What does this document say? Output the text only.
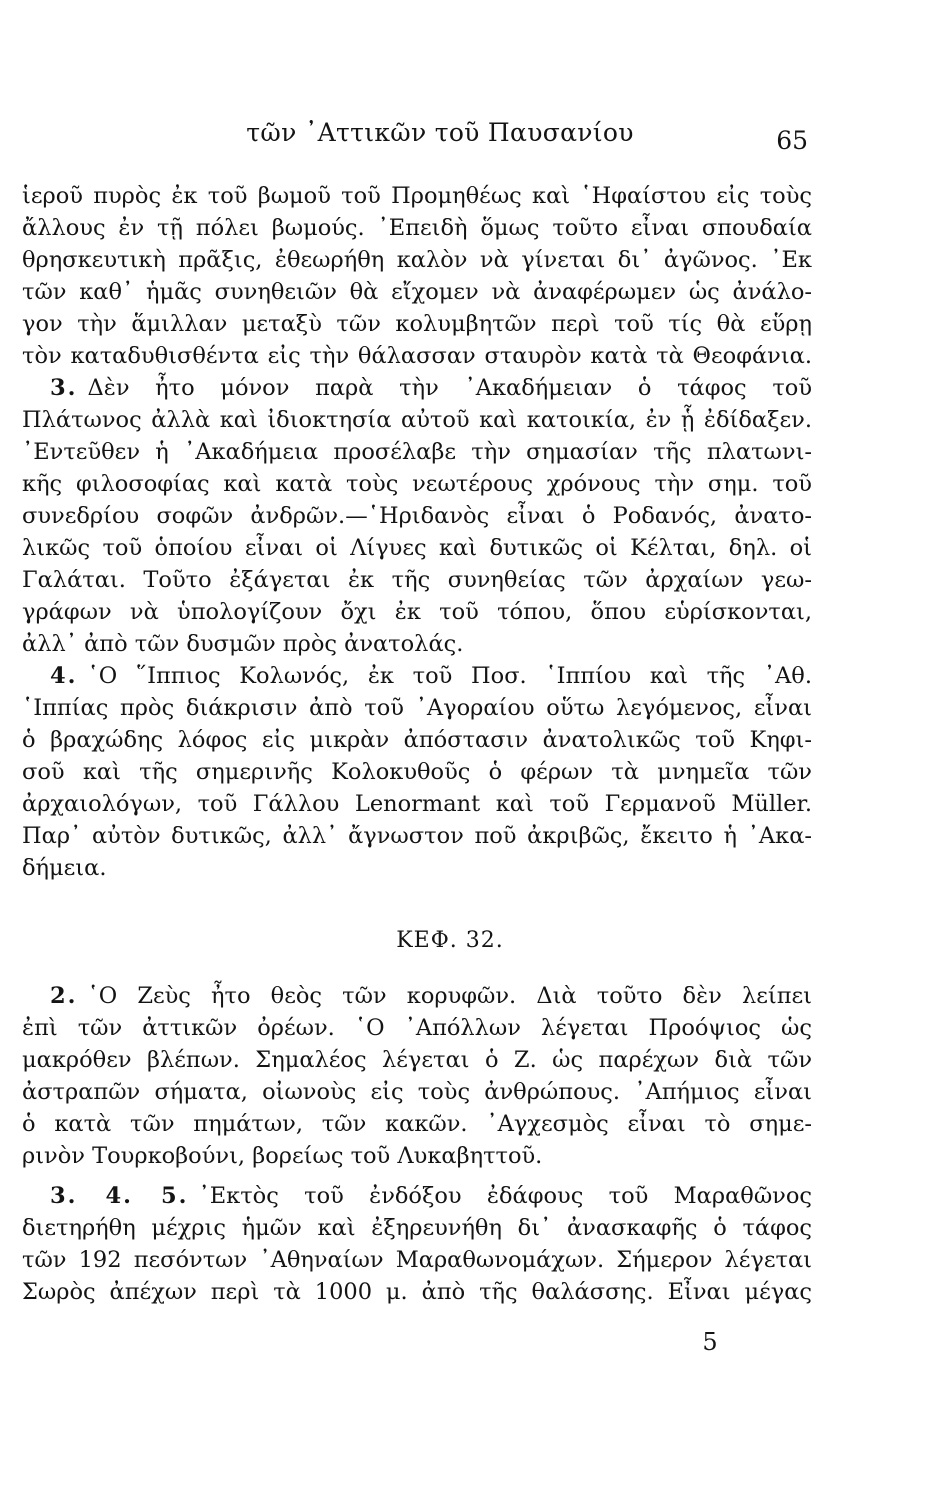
τῶν ᾿Αττικῶν τοῦ Παυσανίου	65
ἱεροῦ πυρὸς ἐκ τοῦ βωμοῦ τοῦ Προμηθέως καὶ ῾Ηφαίστου εἰς τοὺς
ἄλλους ἐν τῇ πόλει βωμούς. ᾿Επειδὴ ὅμως τοῦτο εἶναι σπουδαία
θρησκευτικὴ πρᾶξις, ἐθεωρήθη καλὸν νὰ γίνεται δι᾿ ἀγῶνος. ᾿Εκ
τῶν καθ᾿ ἡμᾶς συνηθειῶν θὰ εἴχομεν νὰ ἀναφέρωμεν ὡς ἀνάλο-
γον τὴν ἅμιλλαν μεταξὺ τῶν κολυμβητῶν περὶ τοῦ τίς θὰ εὕρῃ
τὸν καταδυθισθέντα εἰς τὴν θάλασσαν σταυρὸν κατὰ τὰ Θεοφάνια.
3. Δὲν ἦτο μόνον παρὰ τὴν ᾿Ακαδήμειαν ὁ τάφος τοῦ
Πλάτωνος ἀλλὰ καὶ ἰδιοκτησία αὐτοῦ καὶ κατοικία, ἐν ᾗ ἐδίδαξεν.
᾿Εντεῦθεν ἡ ᾿Ακαδήμεια προσέλαβε τὴν σημασίαν τῆς πλατωνι-
κῆς φιλοσοφίας καὶ κατὰ τοὺς νεωτέρους χρόνους τὴν σημ. τοῦ
συνεδρίου σοφῶν ἀνδρῶν.—῾Ηριδανὸς εἶναι ὁ Ροδανός, ἀνατο-
λικῶς τοῦ ὁποίου εἶναι οἱ Λίγυες καὶ δυτικῶς οἱ Κέλται, δηλ. οἱ
Γαλάται. Τοῦτο ἐξάγεται ἐκ τῆς συνηθείας τῶν ἀρχαίων γεω-
γράφων νὰ ὑπολογίζουν ὄχι ἐκ τοῦ τόπου, ὅπου εὑρίσκονται,
ἀλλ᾿ ἀπὸ τῶν δυσμῶν πρὸς ἀνατολάς.
4. ῾Ο ῞Ιππιος Κολωνός, ἐκ τοῦ Ποσ. ῾Ιππίου καὶ τῆς ᾿Αθ.
῾Ιππίας πρὸς διάκρισιν ἀπὸ τοῦ ᾿Αγοραίου οὕτω λεγόμενος, εἶναι
ὁ βραχώδης λόφος εἰς μικρὰν ἀπόστασιν ἀνατολικῶς τοῦ Κηφι-
σοῦ καὶ τῆς σημερινῆς Κολοκυθοῦς ὁ φέρων τὰ μνημεῖα τῶν
ἀρχαιολόγων, τοῦ Γάλλου Lenormant καὶ τοῦ Γερμανοῦ Müller.
Παρ᾿ αὐτὸν δυτικῶς, ἀλλ᾿ ἄγνωστον ποῦ ἀκριβῶς, ἔκειτο ἡ ᾿Ακα-
δήμεια.
ΚΕΦ. 32.
2. ῾Ο Ζεὺς ἦτο θεὸς τῶν κορυφῶν. Διὰ τοῦτο δὲν λείπει
ἐπὶ τῶν ἀττικῶν ὀρέων. ῾Ο ᾿Απόλλων λέγεται Προόψιος ὡς
μακρόθεν βλέπων. Σημαλέος λέγεται ὁ Ζ. ὡς παρέχων διὰ τῶν
ἀστραπῶν σήματα, οἰωνοὺς εἰς τοὺς ἀνθρώπους. ᾿Απήμιος εἶναι
ὁ κατὰ τῶν πημάτων, τῶν κακῶν. ᾿Αγχεσμὸς εἶναι τὸ σημε-
ρινὸν Τουρκοβούνι, βορείως τοῦ Λυκαβηττοῦ.
3. 4. 5. ᾿Εκτὸς τοῦ ἐνδόξου ἐδάφους τοῦ Μαραθῶνος
διετηρήθη μέχρις ἡμῶν καὶ ἐξηρευνήθη δι᾿ ἀνασκαφῆς ὁ τάφος
τῶν 192 πεσόντων ᾿Αθηναίων Μαραθωνομάχων. Σήμερον λέγεται
Σωρὸς ἀπέχων περὶ τὰ 1000 μ. ἀπὸ τῆς θαλάσσης. Εἶναι μέγας
5
